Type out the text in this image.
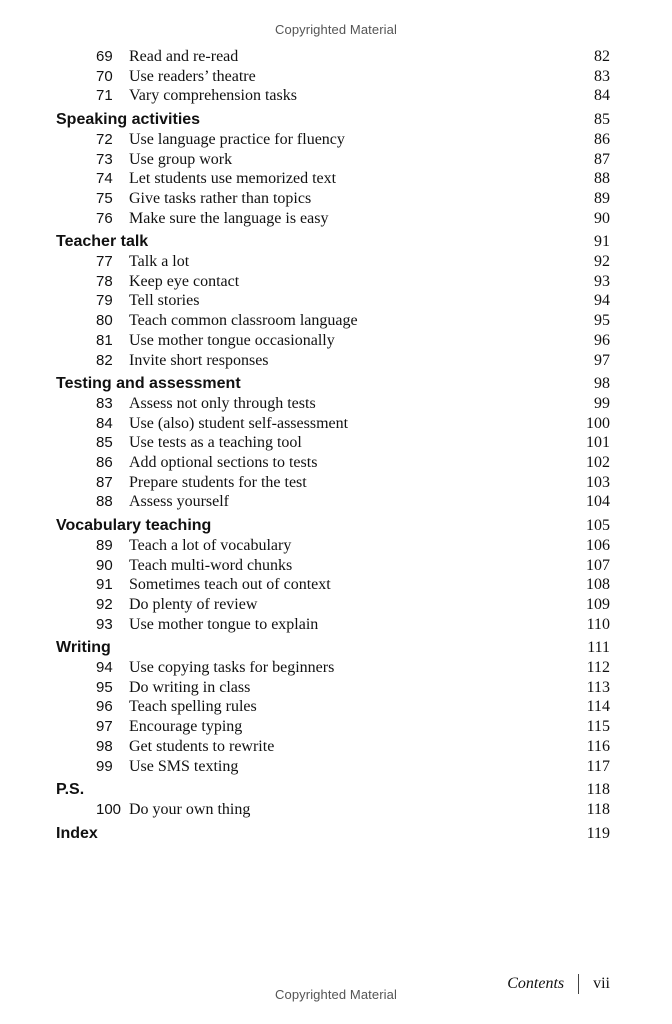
Copyrighted Material
69	Read and re-read	82
70	Use readers’ theatre	83
71	Vary comprehension tasks	84
Speaking activities	85
72	Use language practice for fluency	86
73	Use group work	87
74	Let students use memorized text	88
75	Give tasks rather than topics	89
76	Make sure the language is easy	90
Teacher talk	91
77	Talk a lot	92
78	Keep eye contact	93
79	Tell stories	94
80	Teach common classroom language	95
81	Use mother tongue occasionally	96
82	Invite short responses	97
Testing and assessment	98
83	Assess not only through tests	99
84	Use (also) student self-assessment	100
85	Use tests as a teaching tool	101
86	Add optional sections to tests	102
87	Prepare students for the test	103
88	Assess yourself	104
Vocabulary teaching	105
89	Teach a lot of vocabulary	106
90	Teach multi-word chunks	107
91	Sometimes teach out of context	108
92	Do plenty of review	109
93	Use mother tongue to explain	110
Writing	111
94	Use copying tasks for beginners	112
95	Do writing in class	113
96	Teach spelling rules	114
97	Encourage typing	115
98	Get students to rewrite	116
99	Use SMS texting	117
P.S.	118
100 Do your own thing	118
Index	119
Contents vii
Copyrighted Material
